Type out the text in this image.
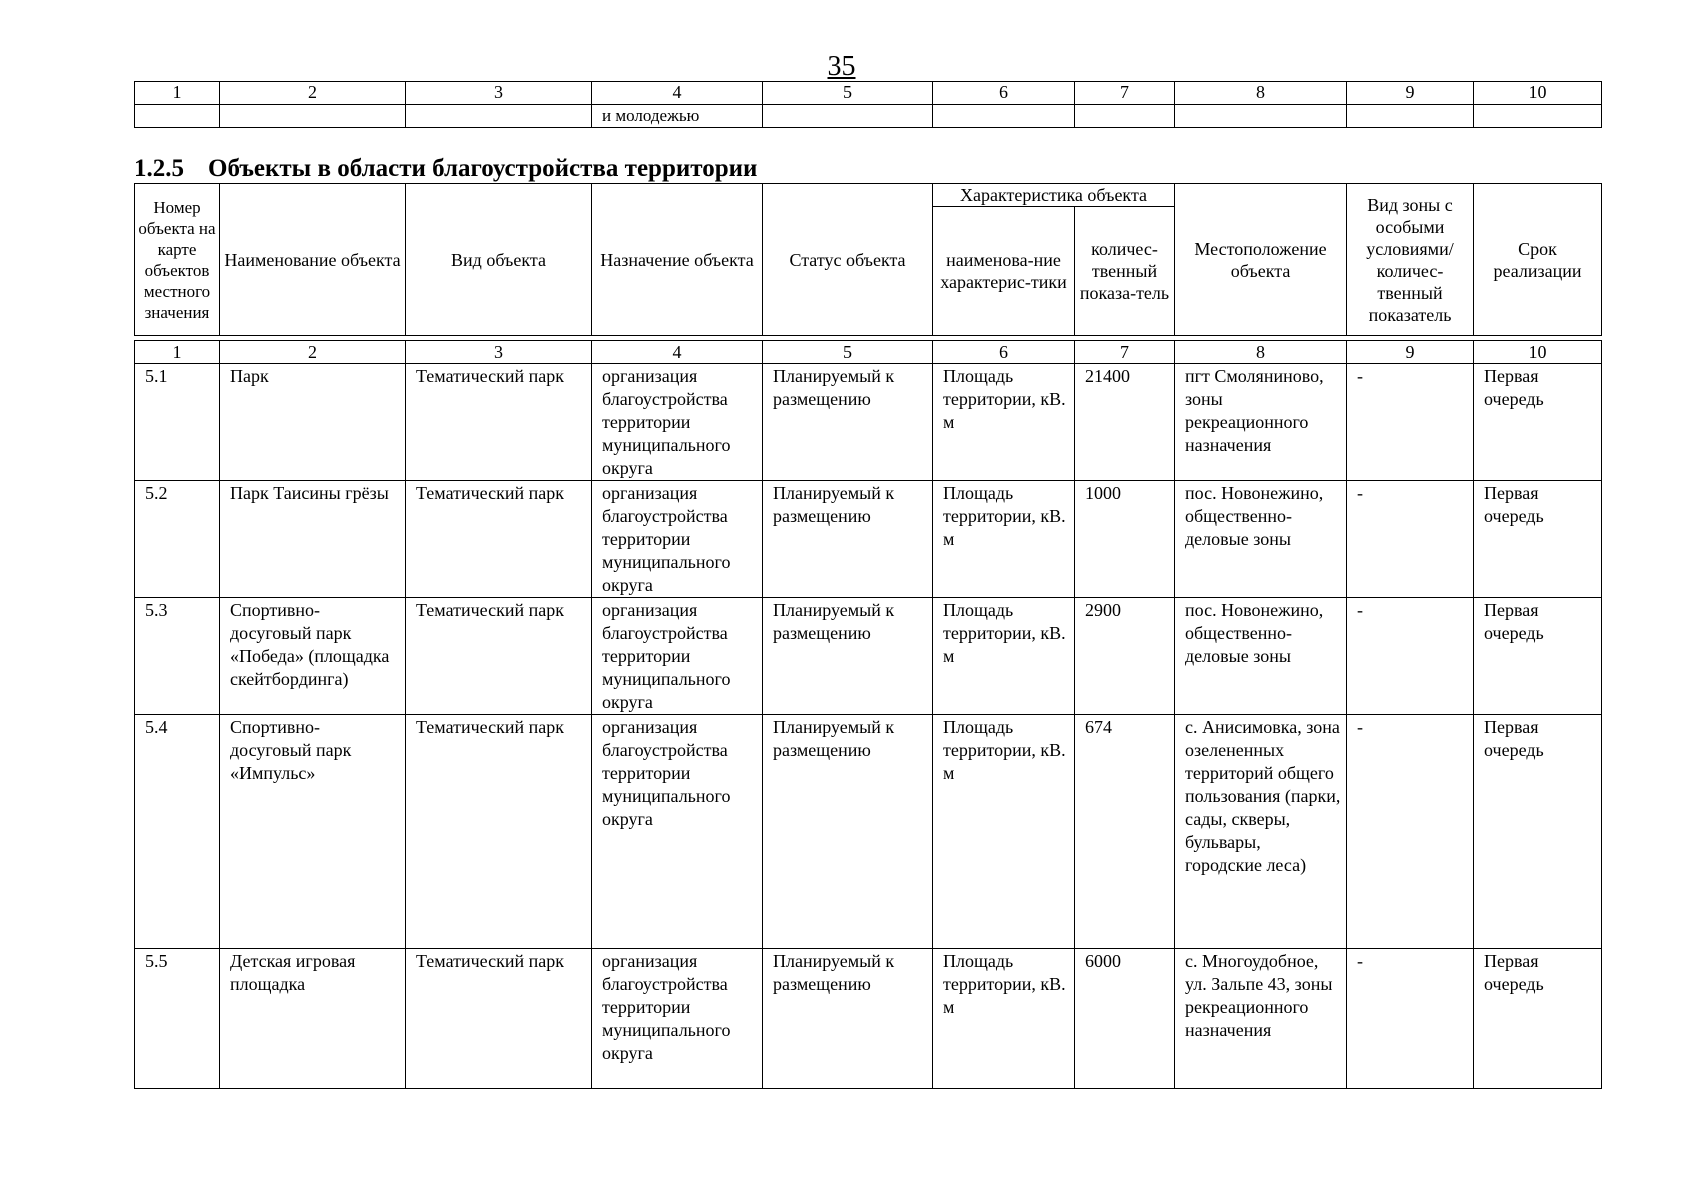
35
1	2	3	4	5	6	7	8	9	10
			и молодежью						
1.2.5 Объекты в области благоустройства территории
Номер объекта на карте объектов местного значения	Наименование объекта	Вид объекта	Назначение объекта	Статус объекта	Характеристика объекта		Местоположение объекта	Вид зоны с особыми условиями/ количес-твенный показатель	Срок реализации
					наименова-ние характерис-тики	количес-твенный показа-тель			

1	2	3	4	5	6	7	8	9	10
5.1	Парк	Тематический парк	организация благоустройства территории муниципального округа	Планируемый к размещению	Площадь территории, кВ. м	21400	пгт Смоляниново, зоны рекреационного назначения	-	Первая очередь
5.2	Парк Таисины грёзы	Тематический парк	организация благоустройства территории муниципального округа	Планируемый к размещению	Площадь территории, кВ. м	1000	пос. Новонежино, общественно-деловые зоны	-	Первая очередь
5.3	Спортивно-досуговый парк «Победа» (площадка скейтбординга)	Тематический парк	организация благоустройства территории муниципального округа	Планируемый к размещению	Площадь территории, кВ. м	2900	пос. Новонежино, общественно-деловые зоны	-	Первая очередь
5.4	Спортивно-досуговый парк «Импульс»	Тематический парк	организация благоустройства территории муниципального округа	Планируемый к размещению	Площадь территории, кВ. м	674	с. Анисимовка, зона озелененных территорий общего пользования (парки, сады, скверы, бульвары, городские леса)	-	Первая очередь
5.5	Детская игровая площадка	Тематический парк	организация благоустройства территории муниципального округа	Планируемый к размещению	Площадь территории, кВ. м	6000	с. Многоудобное, ул. Зальпе 43, зоны рекреационного назначения	-	Первая очередь
